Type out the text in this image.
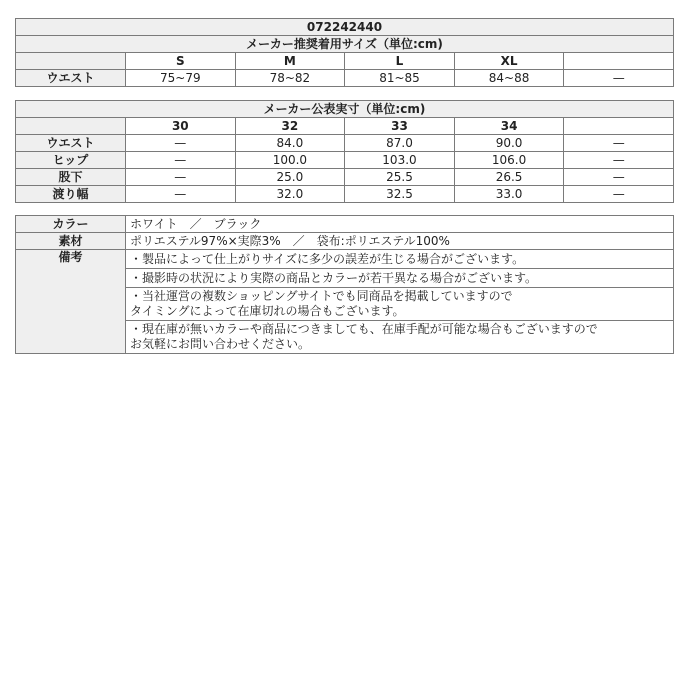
072242440					
メーカー推奨着用サイズ（単位:cm)					
	S	M	L	XL	
ウエスト	75~79	78~82	81~85	84~88	—
メーカー公表実寸（単位:cm)					
	30	32	33	34	
ウエスト	—	84.0	87.0	90.0	—
ヒップ	—	100.0	103.0	106.0	—
股下	—	25.0	25.5	26.5	—
渡り幅	—	32.0	32.5	33.0	—
カラー	ホワイト　／　ブラック
素材	ポリエステル97%×実際3%　／　袋布:ポリエステル100%
備考	・製品によって仕上がりサイズに多少の誤差が生じる場合がございます。
	・撮影時の状況により実際の商品とカラーが若干異なる場合がございます。
	・当社運営の複数ショッピングサイトでも同商品を掲載していますので
タイミングによって在庫切れの場合もございます。
	・現在庫が無いカラーや商品につきましても、在庫手配が可能な場合もございますので
お気軽にお問い合わせください。
